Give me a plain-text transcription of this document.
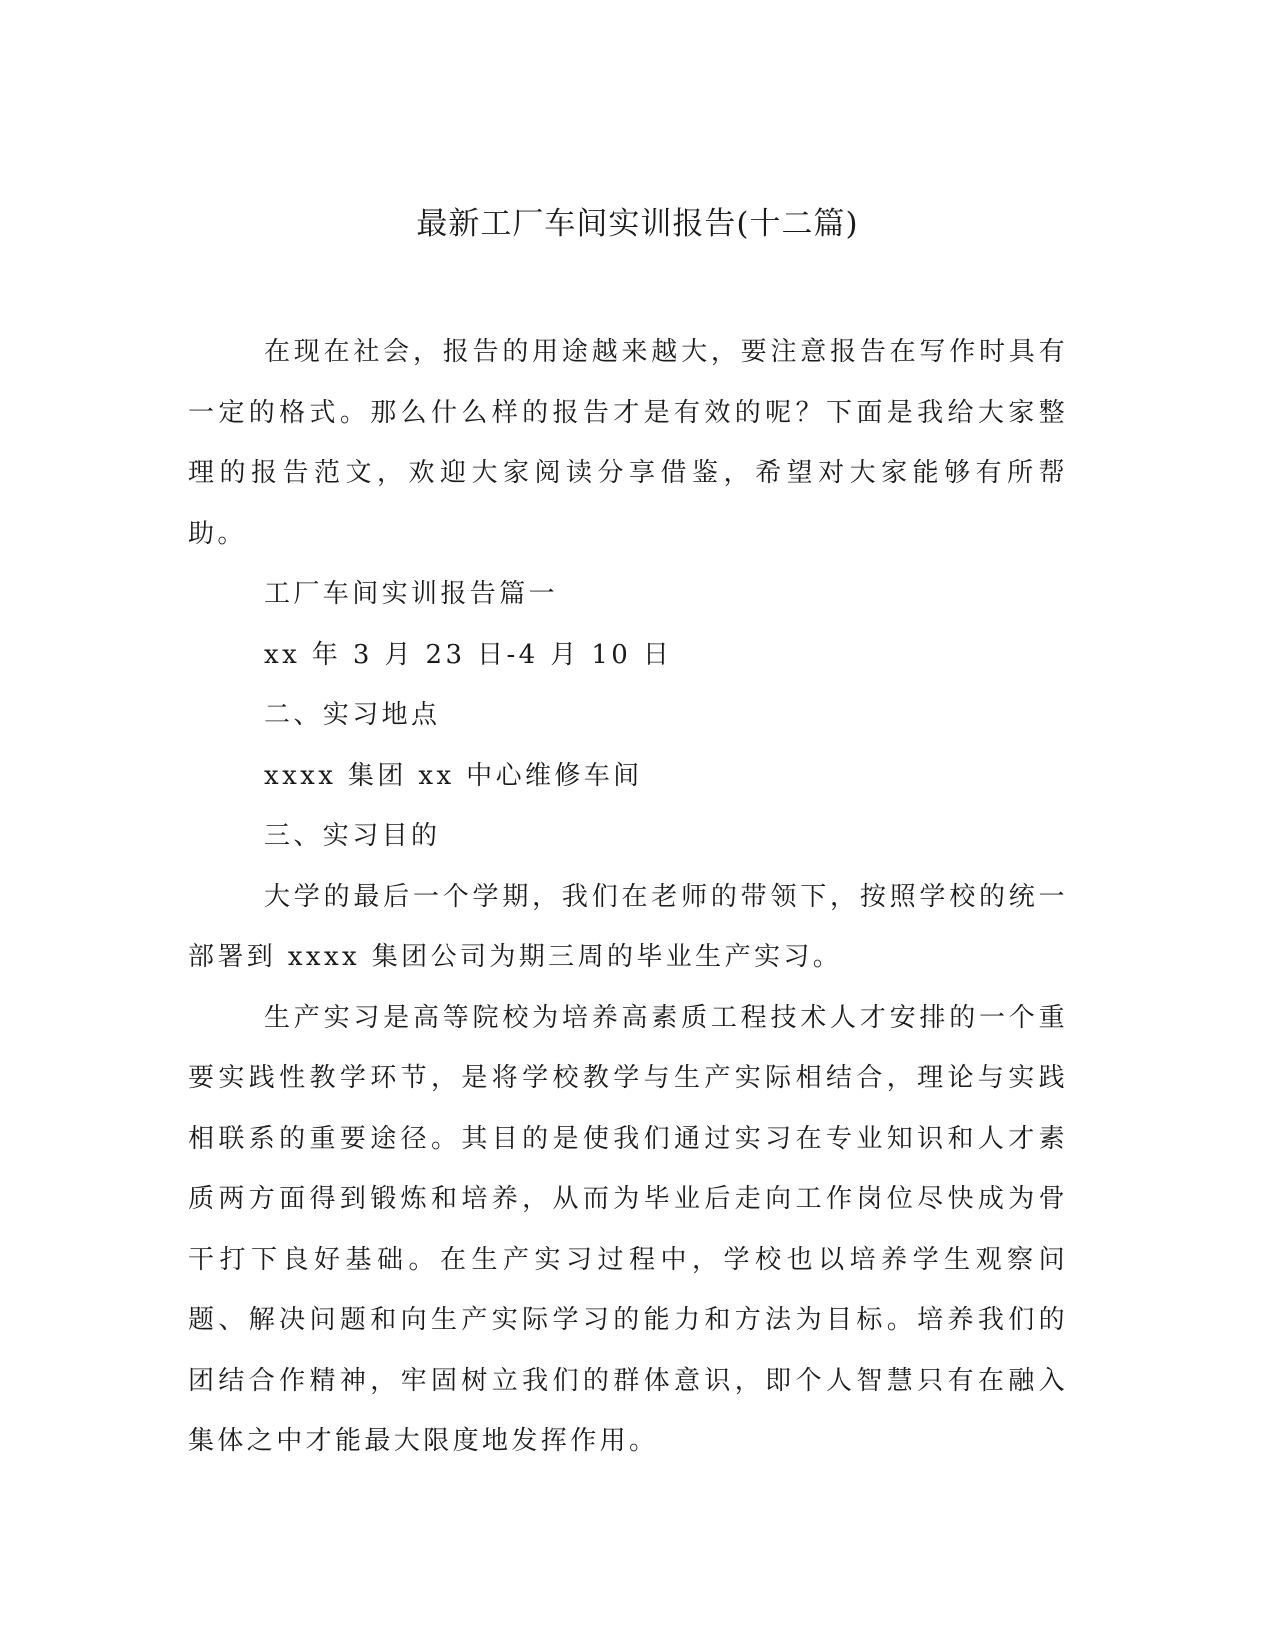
最新工厂车间实训报告(十二篇)

在现在社会，报告的用途越来越大，要注意报告在写作时具有一定的格式。那么什么样的报告才是有效的呢？下面是我给大家整理的报告范文，欢迎大家阅读分享借鉴，希望对大家能够有所帮助。

工厂车间实训报告篇一

xx 年 3 月 23 日-4 月 10 日

二、实习地点

xxxx 集团 xx 中心维修车间

三、实习目的

大学的最后一个学期，我们在老师的带领下，按照学校的统一部署到 xxxx 集团公司为期三周的毕业生产实习。

生产实习是高等院校为培养高素质工程技术人才安排的一个重要实践性教学环节，是将学校教学与生产实际相结合，理论与实践相联系的重要途径。其目的是使我们通过实习在专业知识和人才素质两方面得到锻炼和培养，从而为毕业后走向工作岗位尽快成为骨干打下良好基础。在生产实习过程中，学校也以培养学生观察问题、解决问题和向生产实际学习的能力和方法为目标。培养我们的团结合作精神，牢固树立我们的群体意识，即个人智慧只有在融入集体之中才能最大限度地发挥作用。
